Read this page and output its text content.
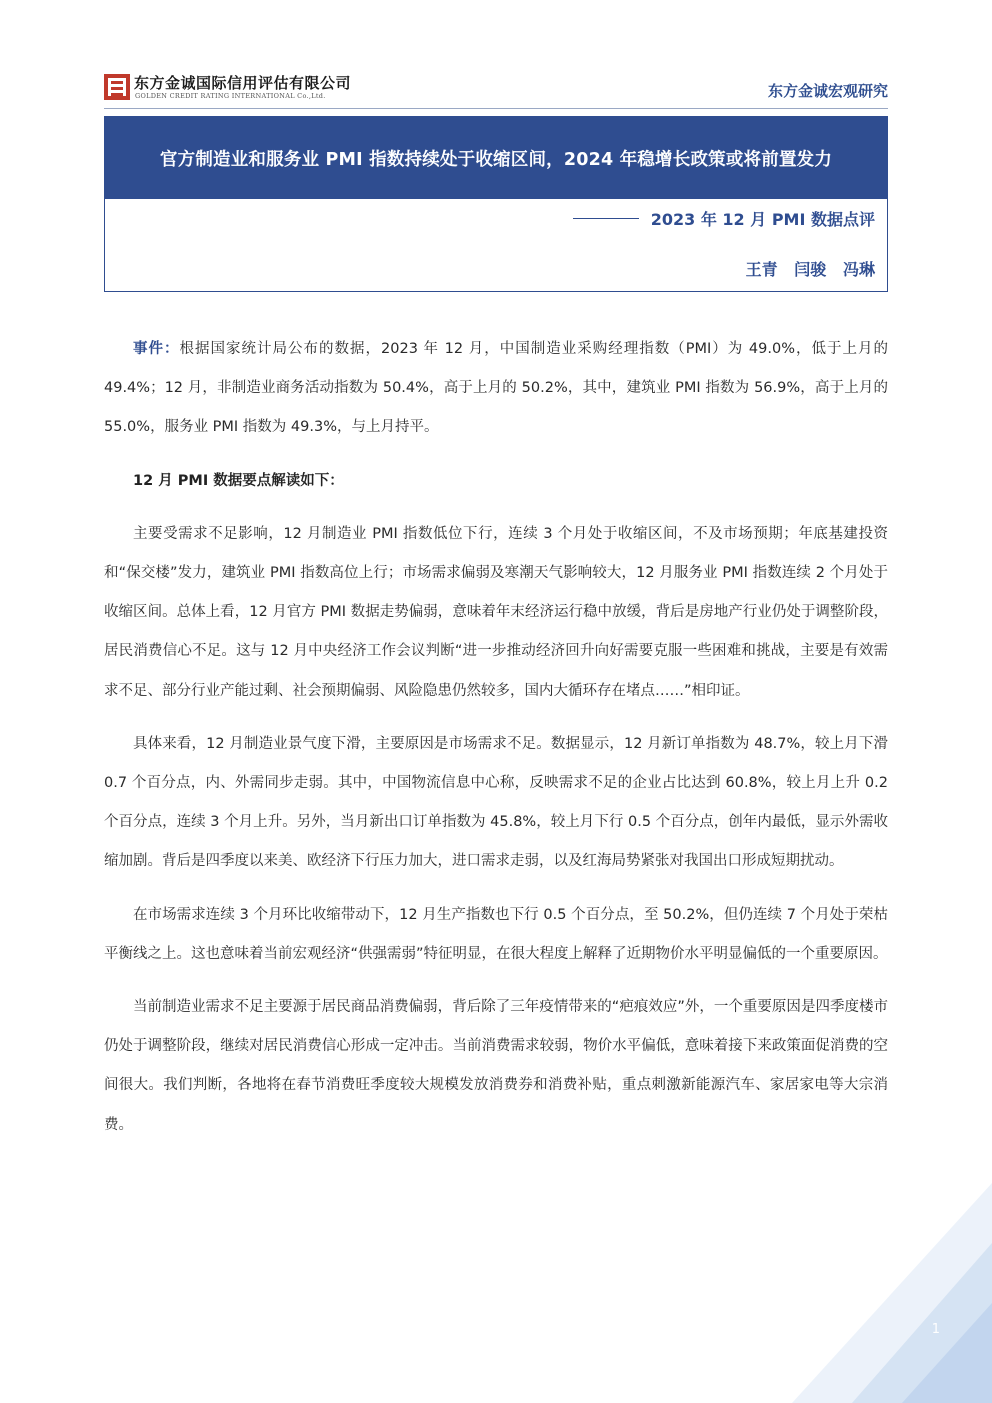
东方金诚国际信用评估有限公司
GOLDEN CREDIT RATING INTERNATIONAL Co.,Ltd.	东方金诚宏观研究
官方制造业和服务业 PMI 指数持续处于收缩区间，2024 年稳增长政策或将前置发力
2023 年 12 月 PMI 数据点评
王青   闫骏   冯琳

事件：根据国家统计局公布的数据，2023 年 12 月，中国制造业采购经理指数（PMI）为 49.0%，低于上月的 49.4%；12 月，非制造业商务活动指数为 50.4%，高于上月的 50.2%，其中，建筑业 PMI 指数为 56.9%，高于上月的 55.0%，服务业 PMI 指数为 49.3%，与上月持平。

12 月 PMI 数据要点解读如下：

主要受需求不足影响，12 月制造业 PMI 指数低位下行，连续 3 个月处于收缩区间，不及市场预期；年底基建投资和“保交楼”发力，建筑业 PMI 指数高位上行；市场需求偏弱及寒潮天气影响较大，12 月服务业 PMI 指数连续 2 个月处于收缩区间。总体上看，12 月官方 PMI 数据走势偏弱，意味着年末经济运行稳中放缓，背后是房地产行业仍处于调整阶段，居民消费信心不足。这与 12 月中央经济工作会议判断“进一步推动经济回升向好需要克服一些困难和挑战，主要是有效需求不足、部分行业产能过剩、社会预期偏弱、风险隐患仍然较多，国内大循环存在堵点……”相印证。

具体来看，12 月制造业景气度下滑，主要原因是市场需求不足。数据显示，12 月新订单指数为 48.7%，较上月下滑 0.7 个百分点，内、外需同步走弱。其中，中国物流信息中心称，反映需求不足的企业占比达到 60.8%，较上月上升 0.2 个百分点，连续 3 个月上升。另外，当月新出口订单指数为 45.8%，较上月下行 0.5 个百分点，创年内最低，显示外需收缩加剧。背后是四季度以来美、欧经济下行压力加大，进口需求走弱，以及红海局势紧张对我国出口形成短期扰动。

在市场需求连续 3 个月环比收缩带动下，12 月生产指数也下行 0.5 个百分点，至 50.2%，但仍连续 7 个月处于荣枯平衡线之上。这也意味着当前宏观经济“供强需弱”特征明显，在很大程度上解释了近期物价水平明显偏低的一个重要原因。

当前制造业需求不足主要源于居民商品消费偏弱，背后除了三年疫情带来的“疤痕效应”外，一个重要原因是四季度楼市仍处于调整阶段，继续对居民消费信心形成一定冲击。当前消费需求较弱，物价水平偏低，意味着接下来政策面促消费的空间很大。我们判断，各地将在春节消费旺季度较大规模发放消费券和消费补贴，重点刺激新能源汽车、家居家电等大宗消费。

1
